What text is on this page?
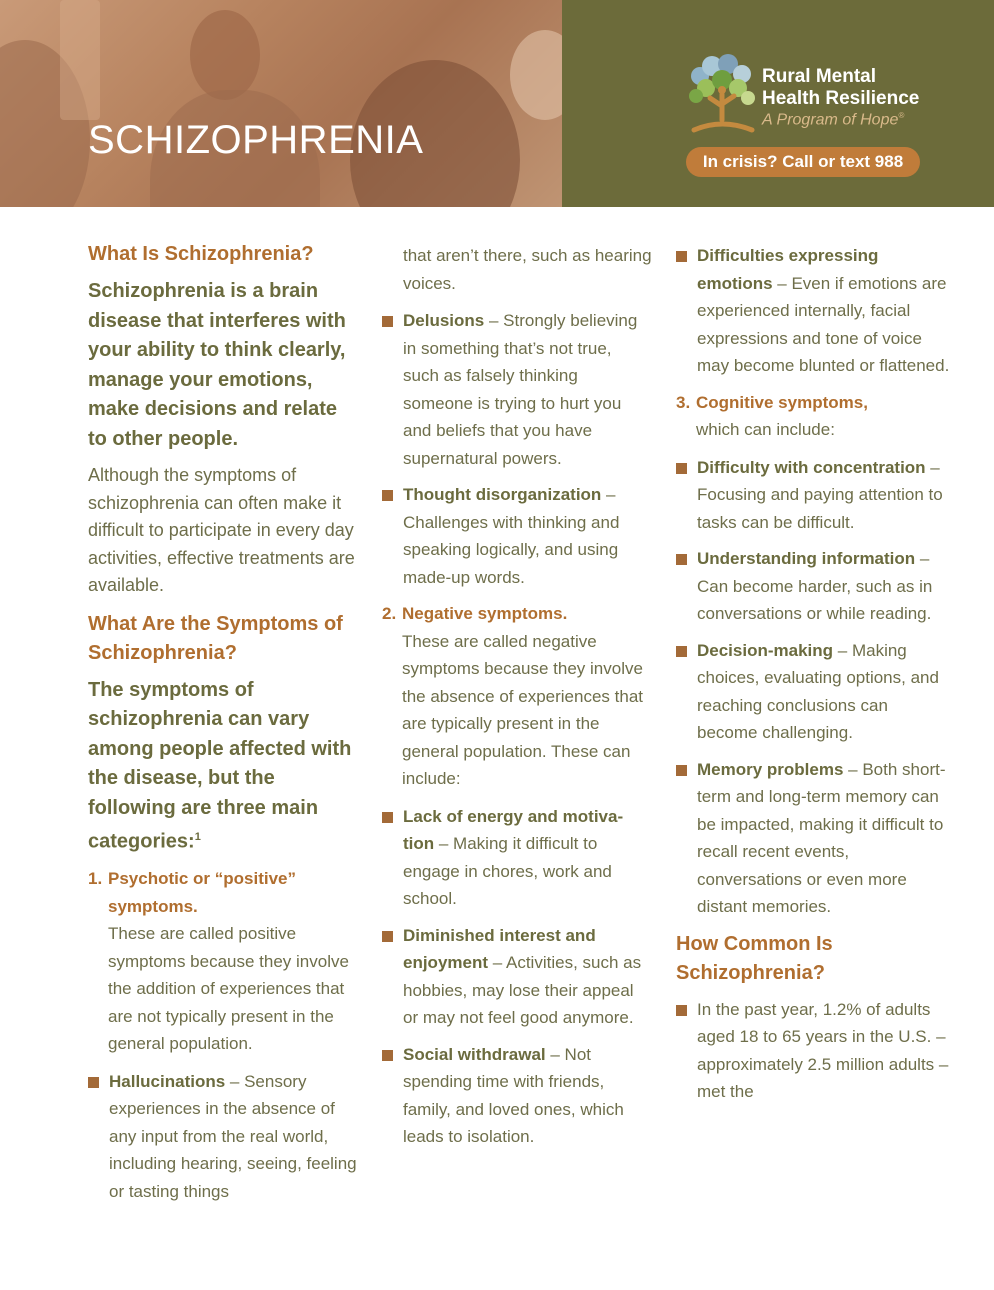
SCHIZOPHRENIA
Rural Mental
Health Resilience
A Program of Hope®
In crisis? Call or text 988
What Is Schizophrenia?
Schizophrenia is a brain disease that interferes with your ability to think clearly, manage your emotions, make decisions and relate to other people.
Although the symptoms of schizophrenia can often make it difficult to participate in every day activities, effective treatments are available.
What Are the Symptoms of Schizophrenia?
The symptoms of schizophrenia can vary among people affected with the disease, but the following are three main categories:$^1$
1. Psychotic or “positive” symptoms.
These are called positive symptoms because they involve the addition of experiences that are not typically present in the general population.
Hallucinations – Sensory experiences in the absence of any input from the real world, including hearing, seeing, feeling or tasting things
that aren’t there, such as hearing voices.
Delusions – Strongly believing in something that’s not true, such as falsely thinking someone is trying to hurt you and beliefs that you have supernatural powers.
Thought disorganization – Challenges with thinking and speaking logically, and using made-up words.
2. Negative symptoms.
These are called negative symptoms because they involve the absence of experiences that are typically present in the general population. These can include:
Lack of energy and motiva-tion – Making it difficult to engage in chores, work and school.
Diminished interest and enjoyment – Activities, such as hobbies, may lose their appeal or may not feel good anymore.
Social withdrawal – Not spending time with friends, family, and loved ones, which leads to isolation.
Difficulties expressing emotions – Even if emotions are experienced internally, facial expressions and tone of voice may become blunted or flattened.
3. Cognitive symptoms,
which can include:
Difficulty with concentration – Focusing and paying attention to tasks can be difficult.
Understanding information – Can become harder, such as in conversations or while reading.
Decision-making – Making choices, evaluating options, and reaching conclusions can become challenging.
Memory problems – Both short-term and long-term memory can be impacted, making it difficult to recall recent events, conversations or even more distant memories.
How Common Is Schizophrenia?
In the past year, 1.2% of adults aged 18 to 65 years in the U.S. – approximately 2.5 million adults – met the
